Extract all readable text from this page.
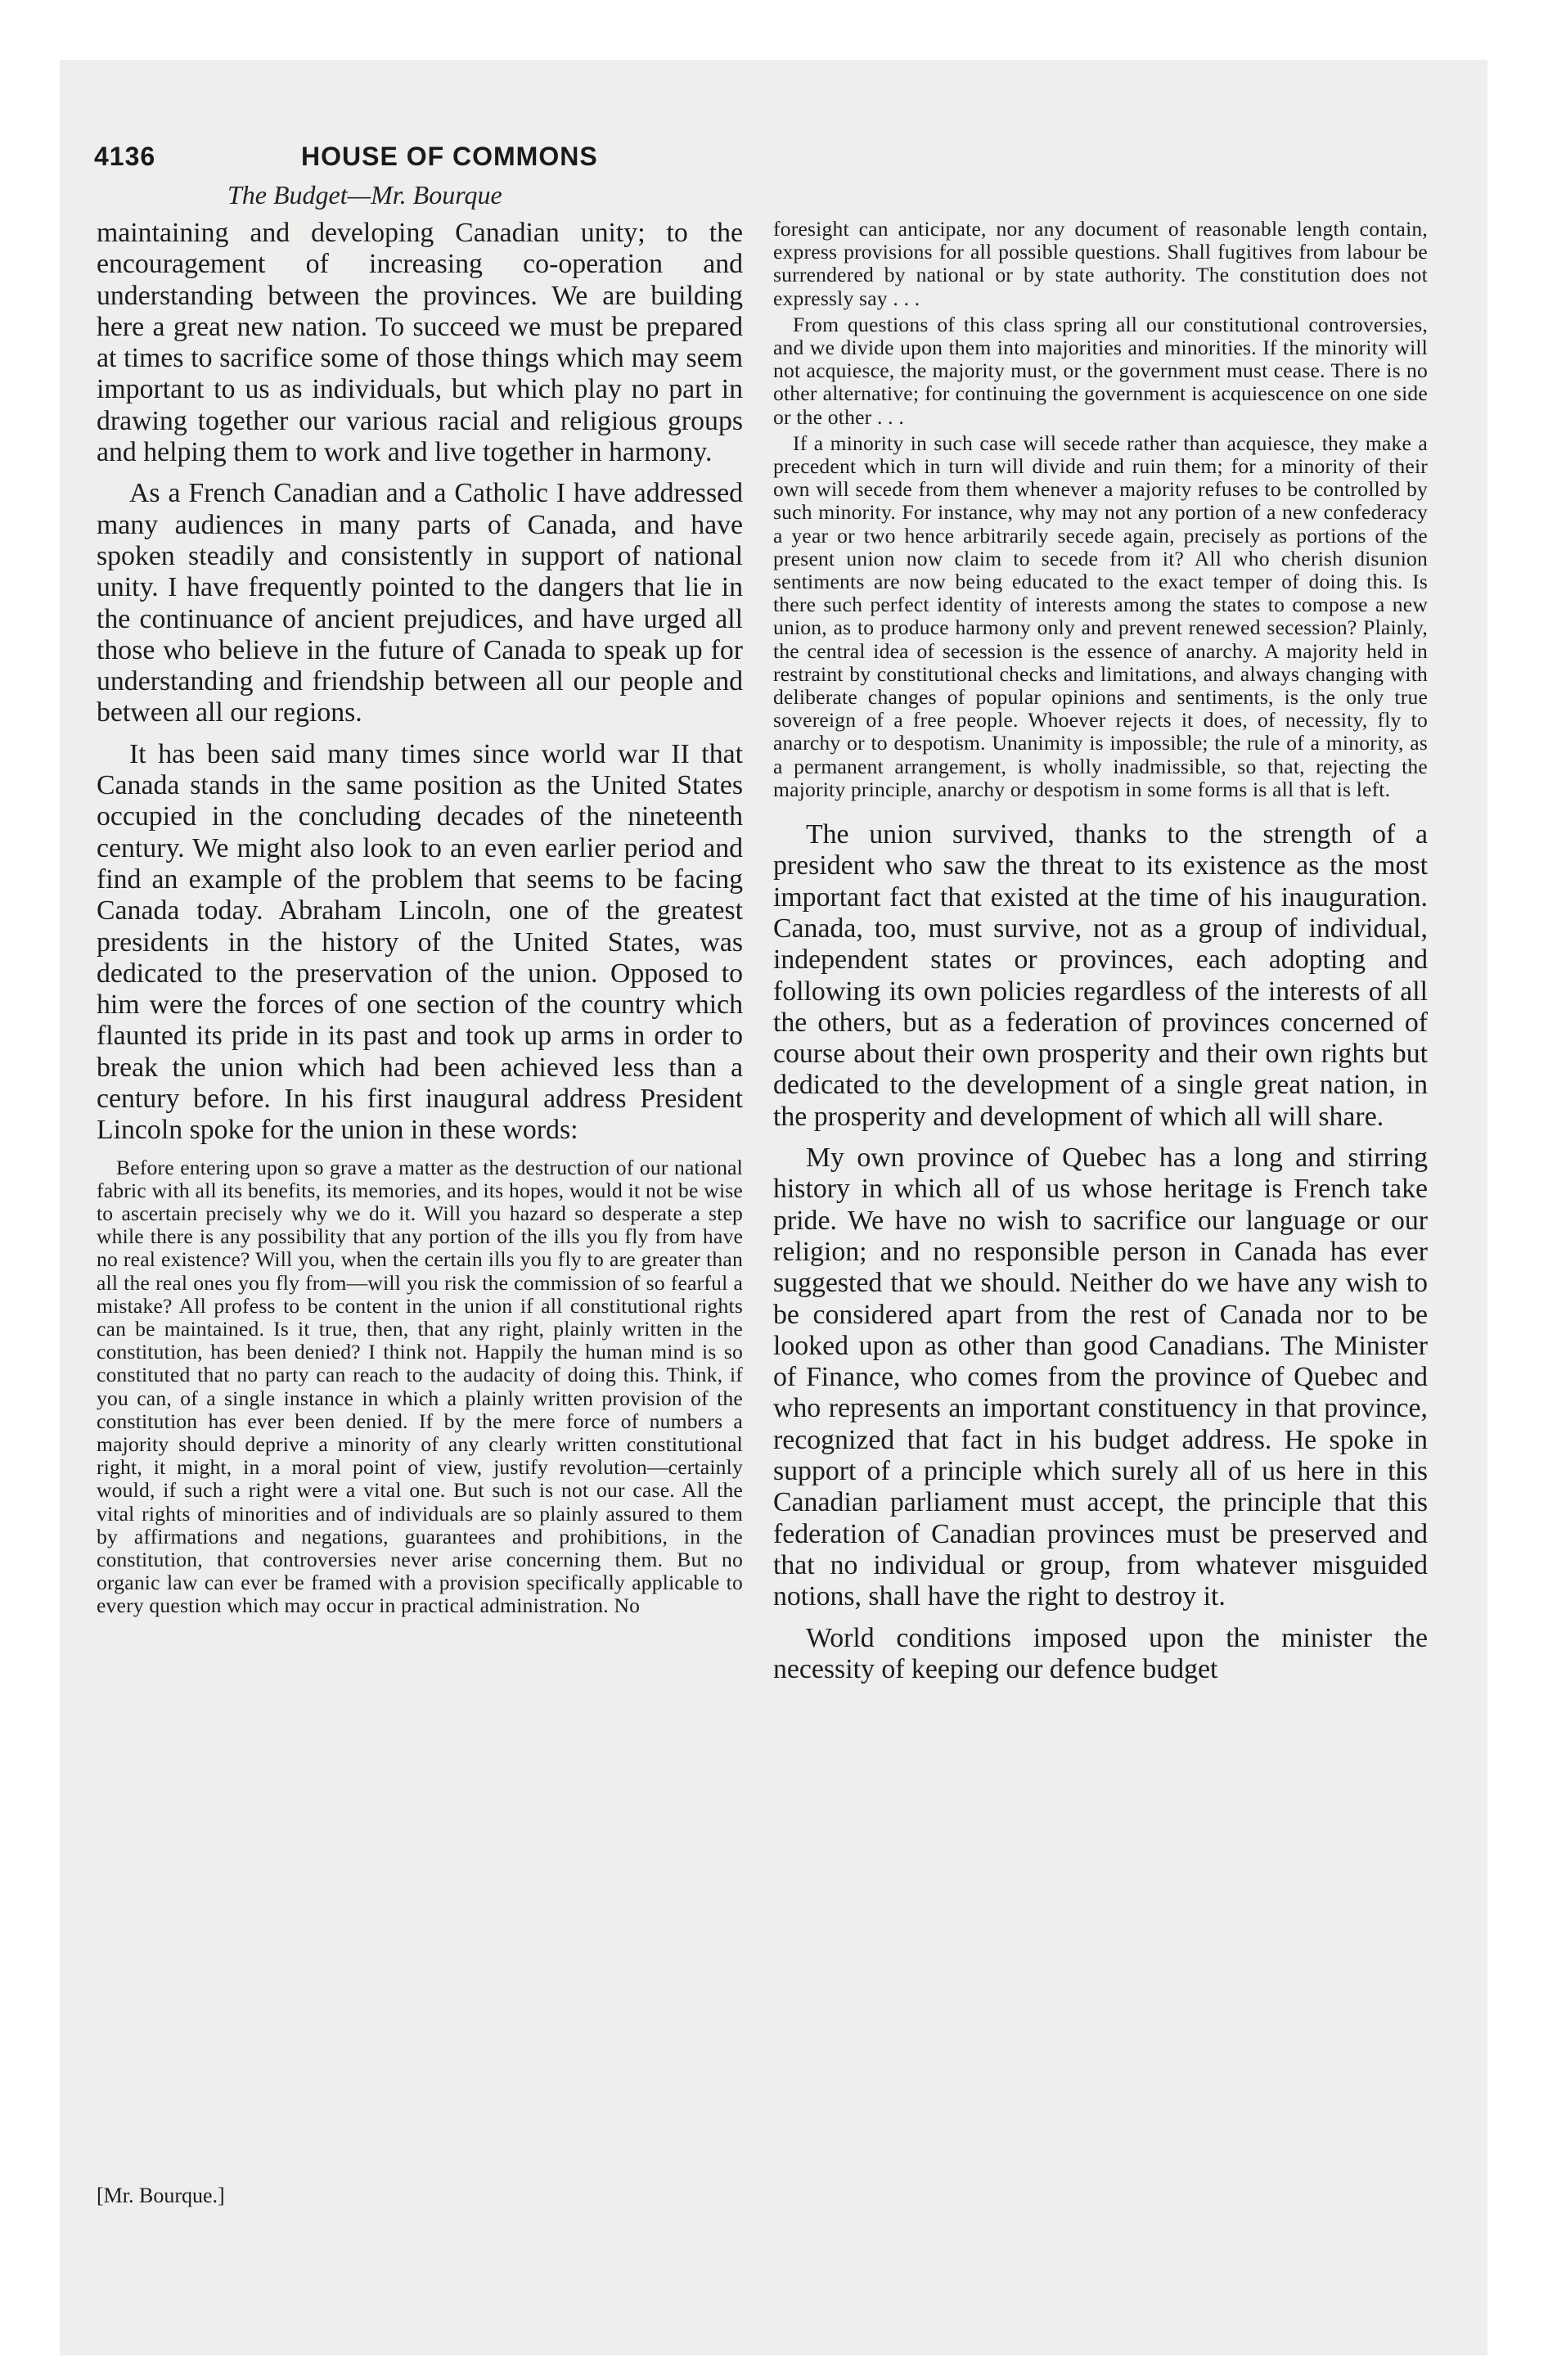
4136	HOUSE OF COMMONS
The Budget—Mr. Bourque

maintaining and developing Canadian unity; to the encouragement of increasing co-operation and understanding between the provinces. We are building here a great new nation. To succeed we must be prepared at times to sacrifice some of those things which may seem important to us as individuals, but which play no part in drawing together our various racial and religious groups and helping them to work and live together in harmony.

As a French Canadian and a Catholic I have addressed many audiences in many parts of Canada, and have spoken steadily and consistently in support of national unity. I have frequently pointed to the dangers that lie in the continuance of ancient prejudices, and have urged all those who believe in the future of Canada to speak up for understanding and friendship between all our people and between all our regions.

It has been said many times since world war II that Canada stands in the same position as the United States occupied in the concluding decades of the nineteenth century. We might also look to an even earlier period and find an example of the problem that seems to be facing Canada today. Abraham Lincoln, one of the greatest presidents in the history of the United States, was dedicated to the preservation of the union. Opposed to him were the forces of one section of the country which flaunted its pride in its past and took up arms in order to break the union which had been achieved less than a century before. In his first inaugural address President Lincoln spoke for the union in these words:

Before entering upon so grave a matter as the destruction of our national fabric with all its benefits, its memories, and its hopes, would it not be wise to ascertain precisely why we do it. Will you hazard so desperate a step while there is any possibility that any portion of the ills you fly from have no real existence? Will you, when the certain ills you fly to are greater than all the real ones you fly from—will you risk the commission of so fearful a mistake? All profess to be content in the union if all constitutional rights can be maintained. Is it true, then, that any right, plainly written in the constitution, has been denied? I think not. Happily the human mind is so constituted that no party can reach to the audacity of doing this. Think, if you can, of a single instance in which a plainly written provision of the constitution has ever been denied. If by the mere force of numbers a majority should deprive a minority of any clearly written constitutional right, it might, in a moral point of view, justify revolution—certainly would, if such a right were a vital one. But such is not our case. All the vital rights of minorities and of individuals are so plainly assured to them by affirmations and negations, guarantees and prohibitions, in the constitution, that controversies never arise concerning them. But no organic law can ever be framed with a provision specifically applicable to every question which may occur in practical administration. No

[Mr. Bourque.]

foresight can anticipate, nor any document of reasonable length contain, express provisions for all possible questions. Shall fugitives from labour be surrendered by national or by state authority. The constitution does not expressly say . . .

From questions of this class spring all our constitutional controversies, and we divide upon them into majorities and minorities. If the minority will not acquiesce, the majority must, or the government must cease. There is no other alternative; for continuing the government is acquiescence on one side or the other . . .

If a minority in such case will secede rather than acquiesce, they make a precedent which in turn will divide and ruin them; for a minority of their own will secede from them whenever a majority refuses to be controlled by such minority. For instance, why may not any portion of a new confederacy a year or two hence arbitrarily secede again, precisely as portions of the present union now claim to secede from it? All who cherish disunion sentiments are now being educated to the exact temper of doing this. Is there such perfect identity of interests among the states to compose a new union, as to produce harmony only and prevent renewed secession? Plainly, the central idea of secession is the essence of anarchy. A majority held in restraint by constitutional checks and limitations, and always changing with deliberate changes of popular opinions and sentiments, is the only true sovereign of a free people. Whoever rejects it does, of necessity, fly to anarchy or to despotism. Unanimity is impossible; the rule of a minority, as a permanent arrangement, is wholly inadmissible, so that, rejecting the majority principle, anarchy or despotism in some forms is all that is left.

The union survived, thanks to the strength of a president who saw the threat to its existence as the most important fact that existed at the time of his inauguration. Canada, too, must survive, not as a group of individual, independent states or provinces, each adopting and following its own policies regardless of the interests of all the others, but as a federation of provinces concerned of course about their own prosperity and their own rights but dedicated to the development of a single great nation, in the prosperity and development of which all will share.

My own province of Quebec has a long and stirring history in which all of us whose heritage is French take pride. We have no wish to sacrifice our language or our religion; and no responsible person in Canada has ever suggested that we should. Neither do we have any wish to be considered apart from the rest of Canada nor to be looked upon as other than good Canadians. The Minister of Finance, who comes from the province of Quebec and who represents an important constituency in that province, recognized that fact in his budget address. He spoke in support of a principle which surely all of us here in this Canadian parliament must accept, the principle that this federation of Canadian provinces must be preserved and that no individual or group, from whatever misguided notions, shall have the right to destroy it.

World conditions imposed upon the minister the necessity of keeping our defence budget
